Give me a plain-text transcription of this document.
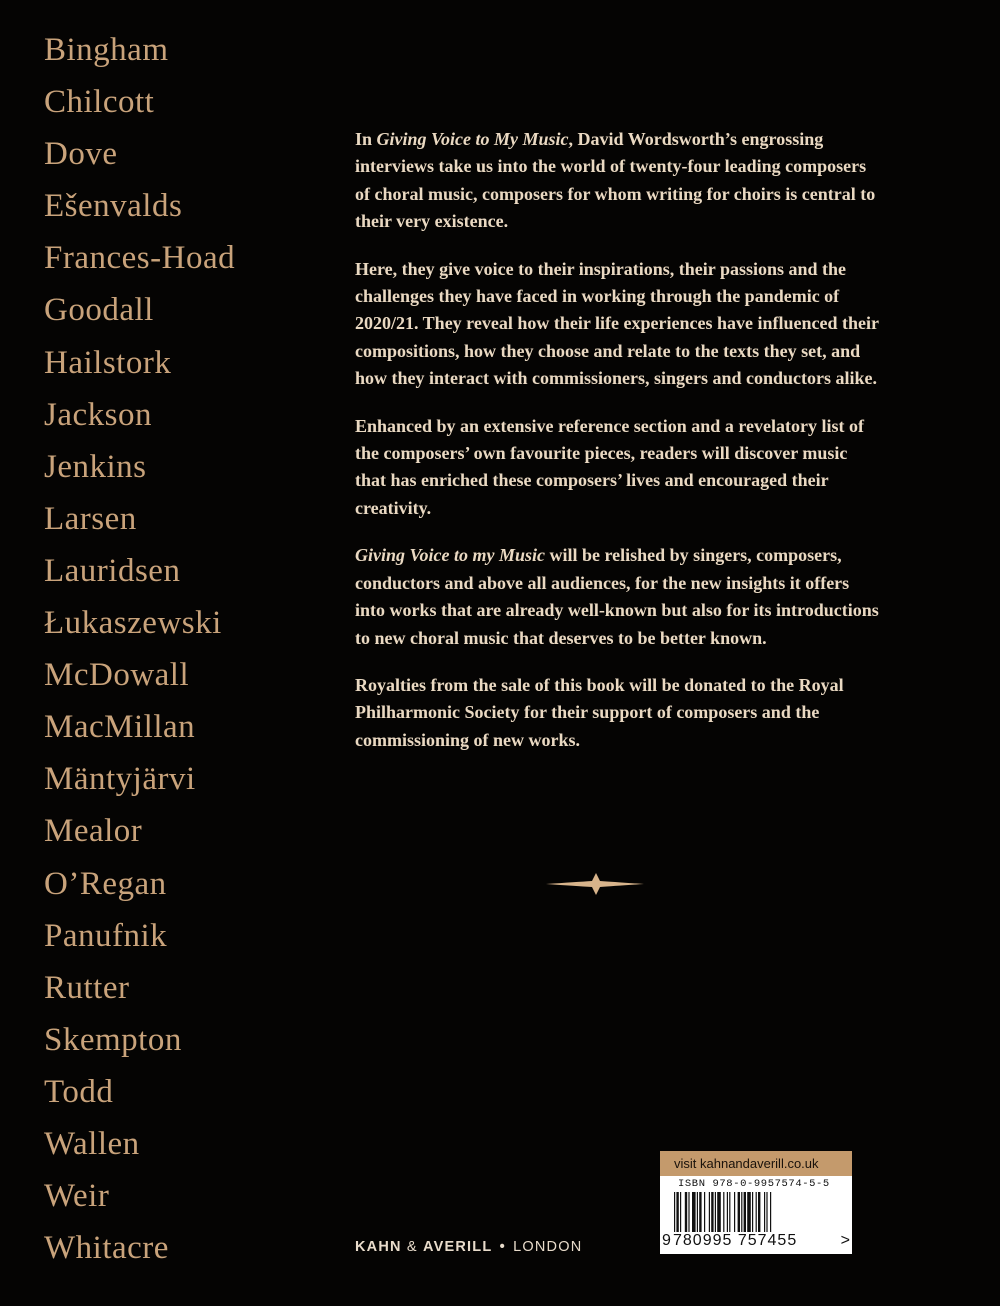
Bingham
Chilcott
Dove
Ešenvalds
Frances-Hoad
Goodall
Hailstork
Jackson
Jenkins
Larsen
Lauridsen
Łukaszewski
McDowall
MacMillan
Mäntyjärvi
Mealor
O’Regan
Panufnik
Rutter
Skempton
Todd
Wallen
Weir
Whitacre

In Giving Voice to My Music, David Wordsworth’s engrossing interviews take us into the world of twenty-four leading composers of choral music, composers for whom writing for choirs is central to their very existence.

Here, they give voice to their inspirations, their passions and the challenges they have faced in working through the pandemic of 2020/21. They reveal how their life experiences have influenced their compositions, how they choose and relate to the texts they set, and how they interact with commissioners, singers and conductors alike.

Enhanced by an extensive reference section and a revelatory list of the composers’ own favourite pieces, readers will discover music that has enriched these composers’ lives and encouraged their creativity.

Giving Voice to my Music will be relished by singers, composers, conductors and above all audiences, for the new insights it offers into works that are already well-known but also for its introductions to new choral music that deserves to be better known.

Royalties from the sale of this book will be donated to the Royal Philharmonic Society for their support of composers and the commissioning of new works.

KAHN & AVERILL • LONDON
visit kahnandaverill.co.uk
ISBN 978-0-9957574-5-5
9 780995 757455	>
